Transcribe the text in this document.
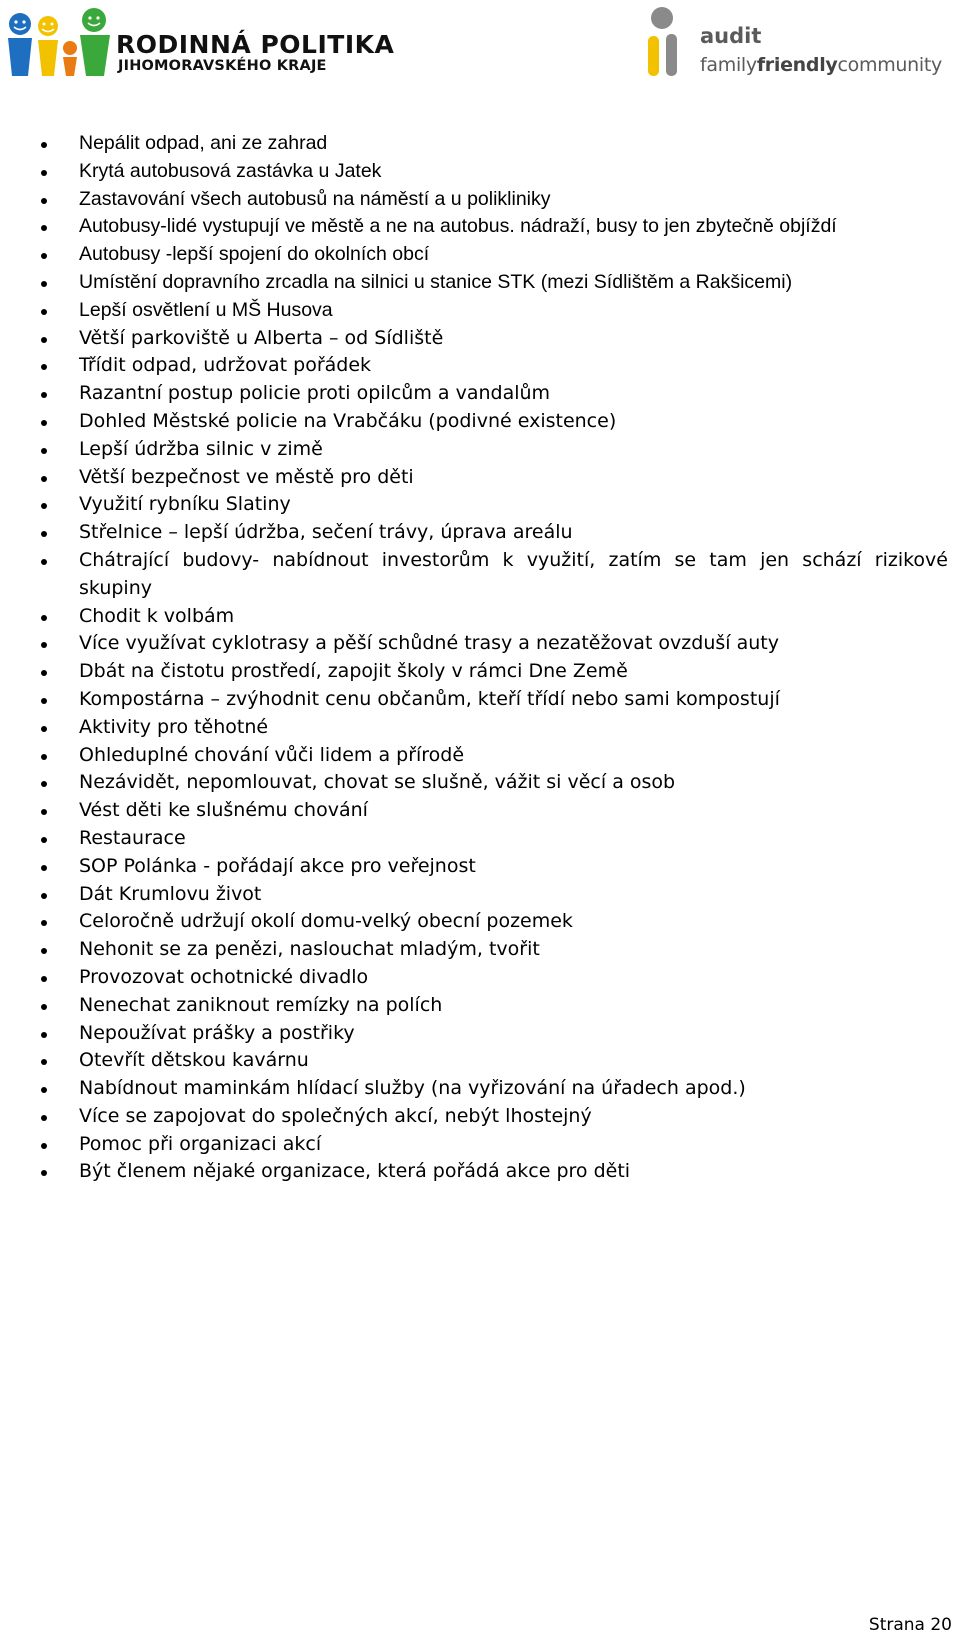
RODINNÁ POLITIKA
JIHOMORAVSKÉHO KRAJE
audit
familyfriendlycommunity
Nepálit odpad, ani ze zahrad
Krytá autobusová zastávka u Jatek
Zastavování všech autobusů na náměstí a u polikliniky
Autobusy-lidé vystupují ve městě a ne na autobus. nádraží, busy to jen zbytečně objíždí
Autobusy -lepší spojení do okolních obcí
Umístění dopravního zrcadla na silnici u stanice STK (mezi Sídlištěm a Rakšicemi)
Lepší osvětlení u MŠ Husova
Větší parkoviště u Alberta – od Sídliště
Třídit odpad, udržovat pořádek
Razantní postup policie proti opilcům a vandalům
Dohled Městské policie na Vrabčáku (podivné existence)
Lepší údržba silnic v zimě
Větší bezpečnost ve městě pro děti
Využití rybníku Slatiny
Střelnice – lepší údržba, sečení trávy, úprava areálu
Chátrající budovy- nabídnout investorům k využití, zatím se tam jen schází rizikové skupiny
Chodit k volbám
Více využívat cyklotrasy a pěší schůdné trasy a nezatěžovat ovzduší auty
Dbát na čistotu prostředí, zapojit školy v rámci Dne Země
Kompostárna – zvýhodnit cenu občanům, kteří třídí nebo sami kompostují
Aktivity pro těhotné
Ohleduplné chování vůči lidem a přírodě
Nezávidět, nepomlouvat, chovat se slušně, vážit si věcí a osob
Vést děti ke slušnému chování
Restaurace
SOP Polánka - pořádají akce pro veřejnost
Dát Krumlovu život
Celoročně udržují okolí domu-velký obecní pozemek
Nehonit se za penězi, naslouchat mladým, tvořit
Provozovat ochotnické divadlo
Nenechat zaniknout remízky na polích
Nepoužívat prášky a postřiky
Otevřít dětskou kavárnu
Nabídnout maminkám hlídací služby (na vyřizování na úřadech apod.)
Více se zapojovat do společných akcí, nebýt lhostejný
Pomoc při organizaci akcí
Být členem nějaké organizace, která pořádá akce pro děti
Strana 20
